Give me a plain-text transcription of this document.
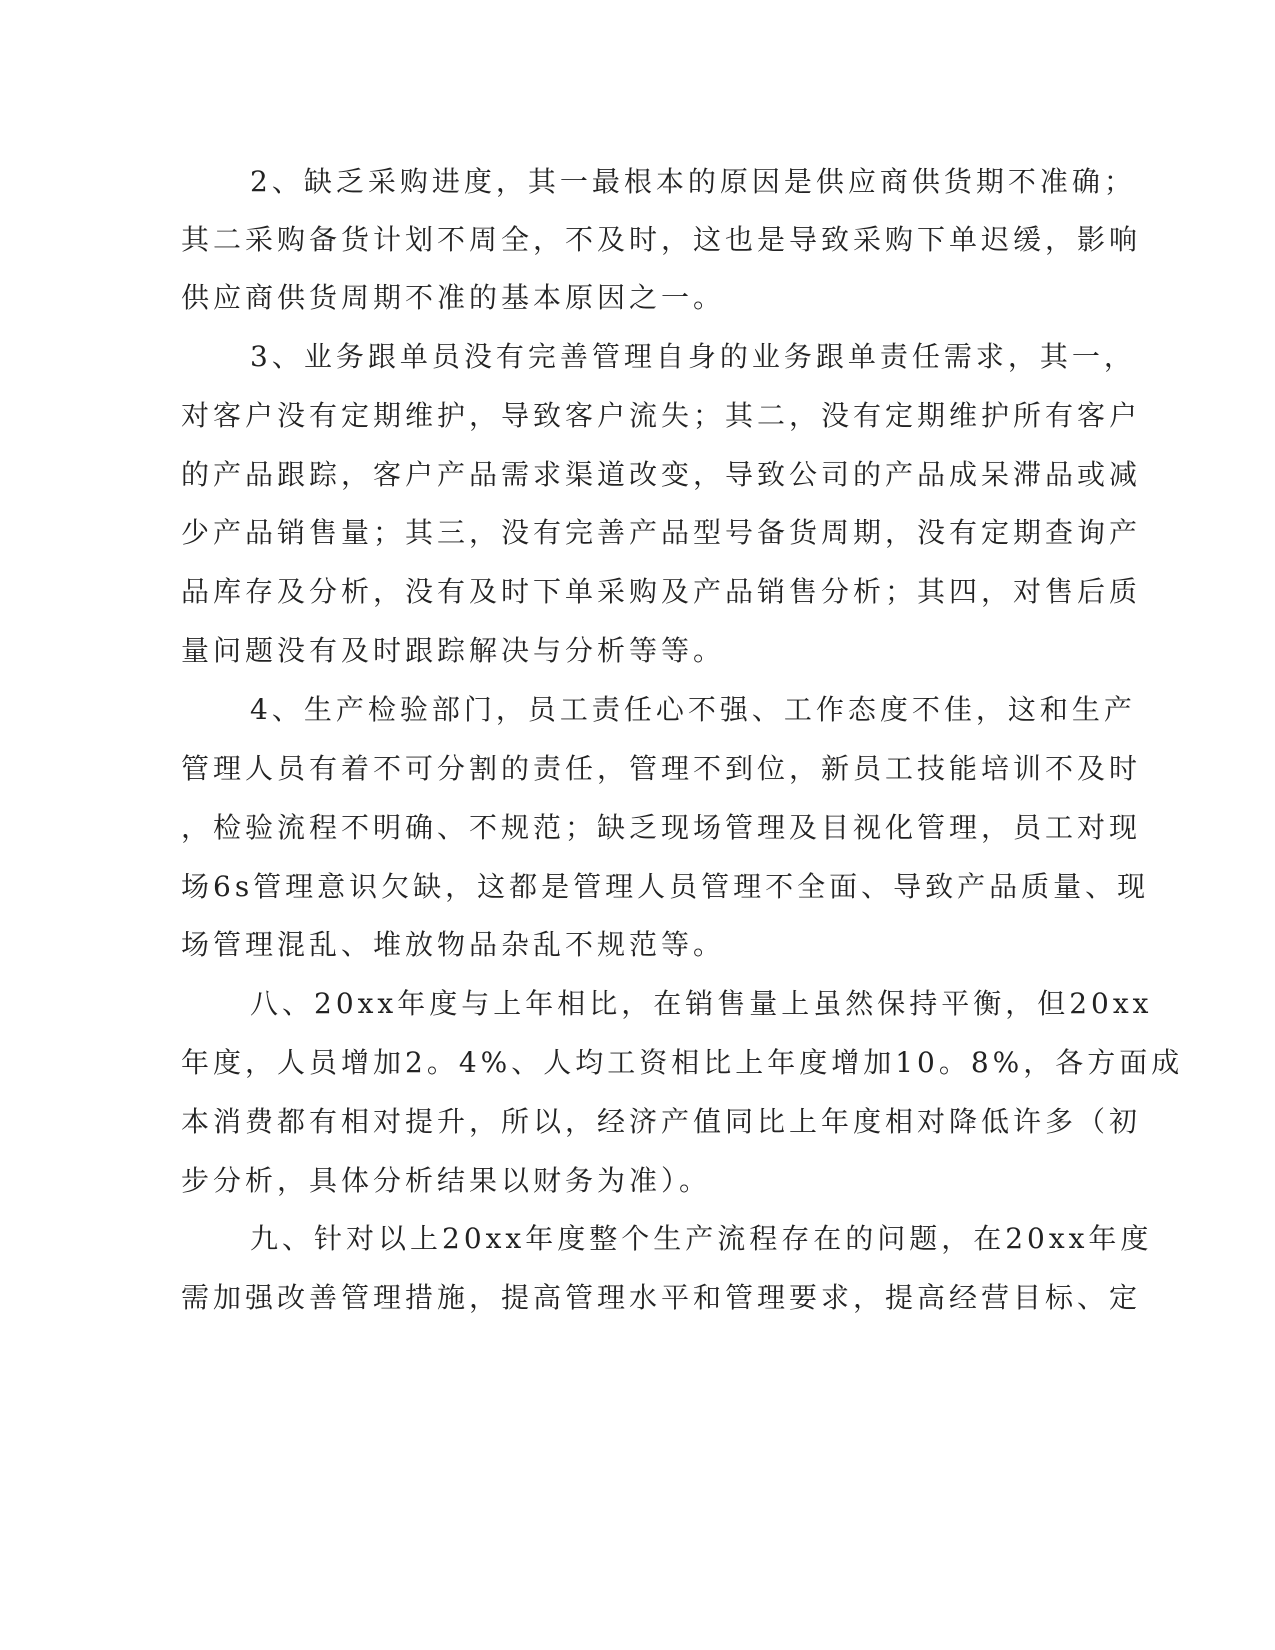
2、缺乏采购进度，其一最根本的原因是供应商供货期不准确；
其二采购备货计划不周全，不及时，这也是导致采购下单迟缓，影响
供应商供货周期不准的基本原因之一。
3、业务跟单员没有完善管理自身的业务跟单责任需求，其一，
对客户没有定期维护，导致客户流失；其二，没有定期维护所有客户
的产品跟踪，客户产品需求渠道改变，导致公司的产品成呆滞品或减
少产品销售量；其三，没有完善产品型号备货周期，没有定期查询产
品库存及分析，没有及时下单采购及产品销售分析；其四，对售后质
量问题没有及时跟踪解决与分析等等。
4、生产检验部门，员工责任心不强、工作态度不佳，这和生产
管理人员有着不可分割的责任，管理不到位，新员工技能培训不及时
，检验流程不明确、不规范；缺乏现场管理及目视化管理，员工对现
场6s管理意识欠缺，这都是管理人员管理不全面、导致产品质量、现
场管理混乱、堆放物品杂乱不规范等。
八、20xx年度与上年相比，在销售量上虽然保持平衡，但20xx
年度，人员增加2。4%、人均工资相比上年度增加10。8%，各方面成
本消费都有相对提升，所以，经济产值同比上年度相对降低许多（初
步分析，具体分析结果以财务为准）。
九、针对以上20xx年度整个生产流程存在的问题，在20xx年度
需加强改善管理措施，提高管理水平和管理要求，提高经营目标、定
